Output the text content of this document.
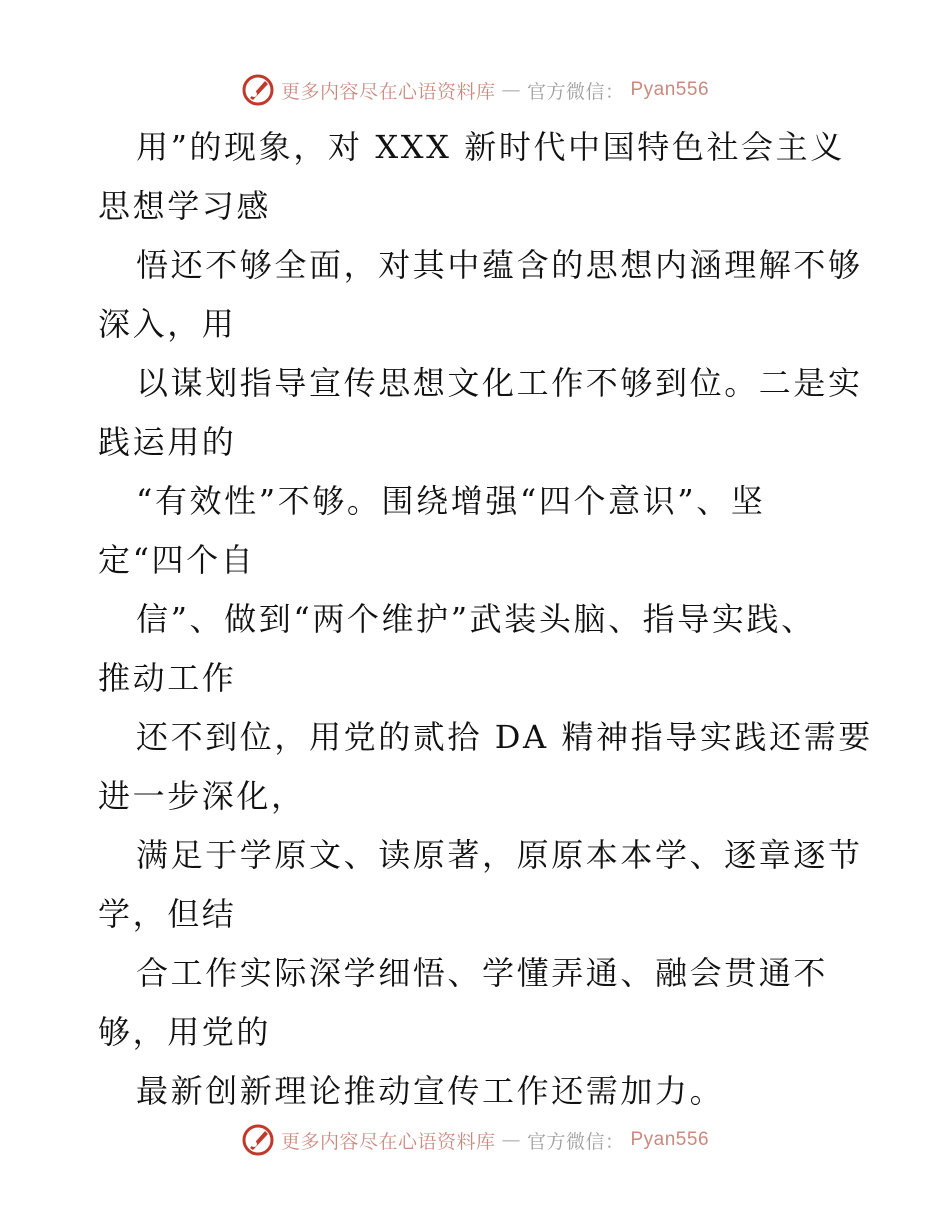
更多内容尽在心语资料库 — 官方微信： Pyan556
用”的现象，对 XXX 新时代中国特色社会主义
思想学习感
悟还不够全面，对其中蕴含的思想内涵理解不够
深入，用
以谋划指导宣传思想文化工作不够到位。二是实
践运用的
“有效性”不够。围绕增强“四个意识”、坚
定“四个自
信”、做到“两个维护”武装头脑、指导实践、
推动工作
还不到位，用党的贰拾 DA 精神指导实践还需要
进一步深化，
满足于学原文、读原著，原原本本学、逐章逐节
学，但结
合工作实际深学细悟、学懂弄通、融会贯通不
够，用党的
最新创新理论推动宣传工作还需加力。
更多内容尽在心语资料库 — 官方微信： Pyan556
